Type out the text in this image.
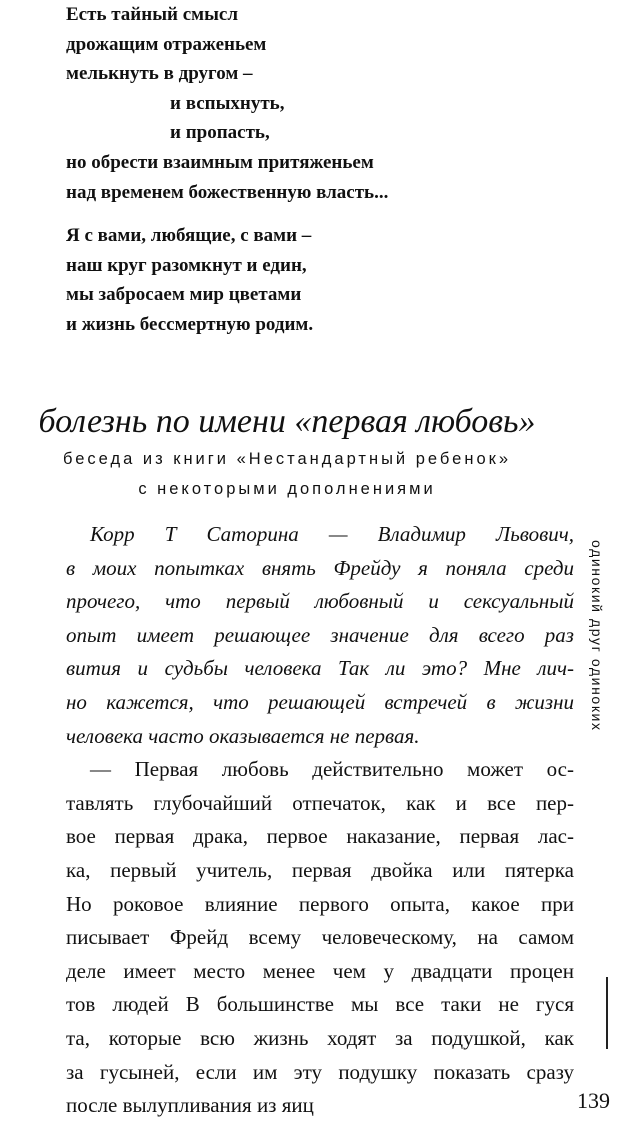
Есть тайный смысл
дрожащим отраженьем
мелькнуть в другом –
и вспыхнуть,
и пропасть,
но обрести взаимным притяженьем
над временем божественную власть...
Я с вами, любящие, с вами –
наш круг разомкнут и един,
мы забросаем мир цветами
и жизнь бессмертную родим.
болезнь по имени «первая любовь»
беседа из книги «Нестандартный ребенок»
с некоторыми дополнениями
Корр Т Саторина — Владимир Львович,
в моих попытках внять Фрейду я поняла среди
прочего, что первый любовный и сексуальный
опыт имеет решающее значение для всего раз
вития и судьбы человека Так ли это? Мне лич-
но кажется, что решающей встречей в жизни
человека часто оказывается не первая.
— Первая любовь действительно может ос-
тавлять глубочайший отпечаток, как и все пер-
вое первая драка, первое наказание, первая лас-
ка, первый учитель, первая двойка или пятерка
Но роковое влияние первого опыта, какое при
писывает Фрейд всему человеческому, на самом
деле имеет место менее чем у двадцати процен
тов людей В большинстве мы все таки не гуся
та, которые всю жизнь ходят за подушкой, как
за гусыней, если им эту подушку показать сразу
после вылупливания из яиц
одинокий друг одиноких
139
